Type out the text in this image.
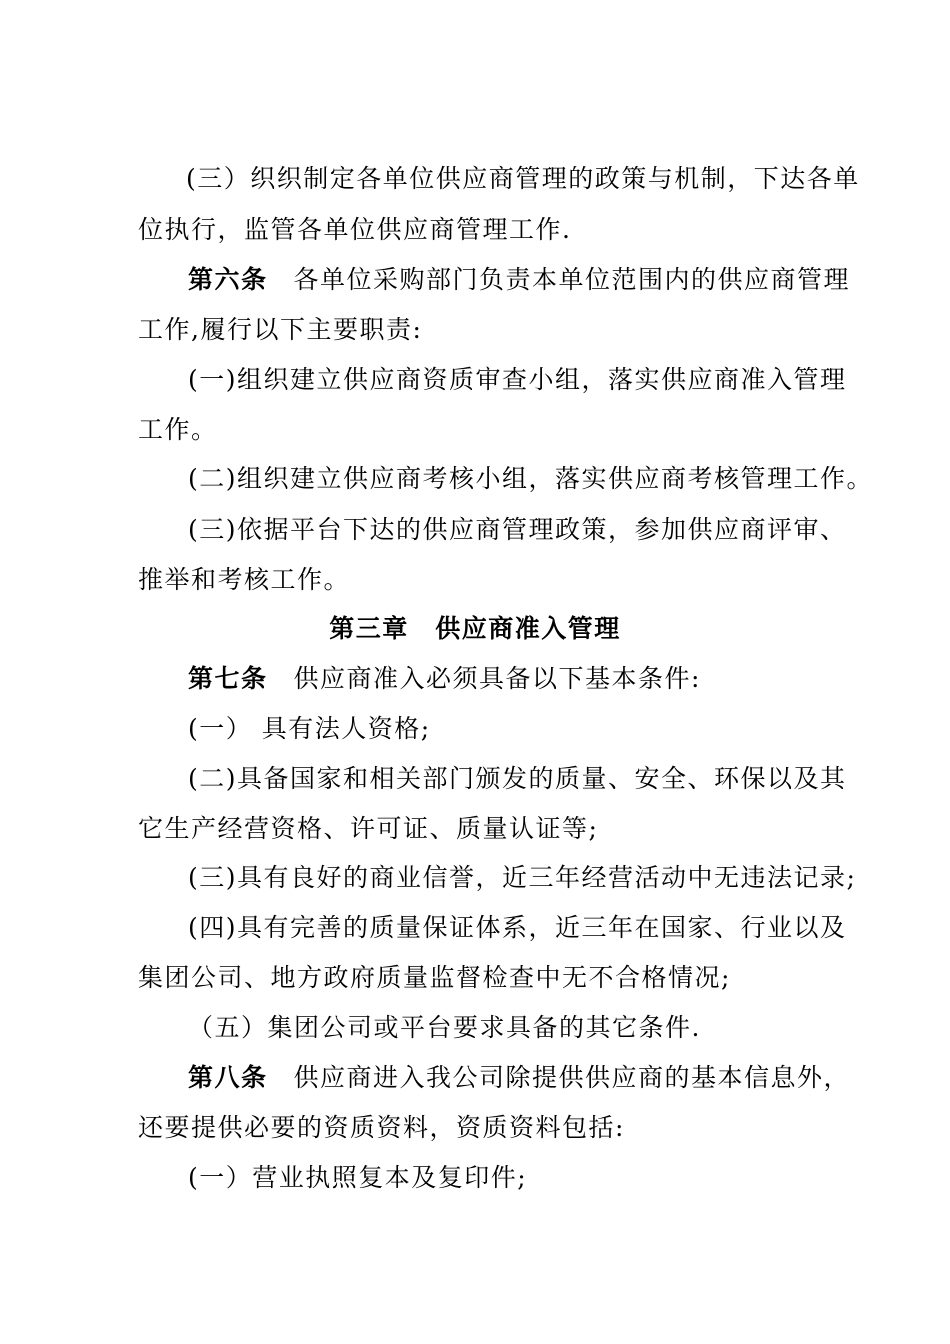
(三）织织制定各单位供应商管理的政策与机制，下达各单
位执行，监管各单位供应商管理工作.
第六条 各单位采购部门负责本单位范围内的供应商管理
工作,履行以下主要职责:
(一)组织建立供应商资质审查小组，落实供应商准入管理
工作。
(二)组织建立供应商考核小组，落实供应商考核管理工作。
(三)依据平台下达的供应商管理政策，参加供应商评审、
推举和考核工作。
第三章　供应商准入管理
第七条 供应商准入必须具备以下基本条件:
(一） 具有法人资格;
(二)具备国家和相关部门颁发的质量、安全、环保以及其
它生产经营资格、许可证、质量认证等;
(三)具有良好的商业信誉，近三年经营活动中无违法记录;
(四)具有完善的质量保证体系，近三年在国家、行业以及
集团公司、地方政府质量监督检查中无不合格情况;
（五）集团公司或平台要求具备的其它条件.
第八条 供应商进入我公司除提供供应商的基本信息外，
还要提供必要的资质资料，资质资料包括:
(一）营业执照复本及复印件;
